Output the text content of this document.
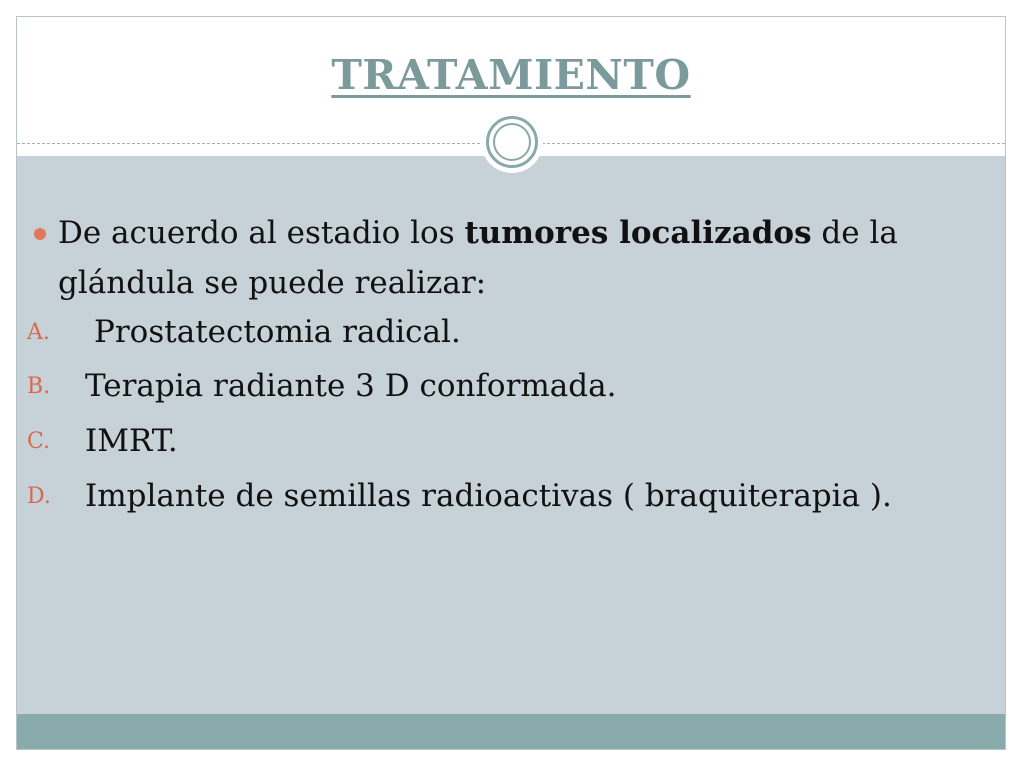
TRATAMIENTO
De acuerdo al estadio los tumores localizados de la glándula se puede realizar:
A. Prostatectomia radical.
B. Terapia radiante 3 D conformada.
C. IMRT.
D. Implante de semillas radioactivas ( braquiterapia ).
